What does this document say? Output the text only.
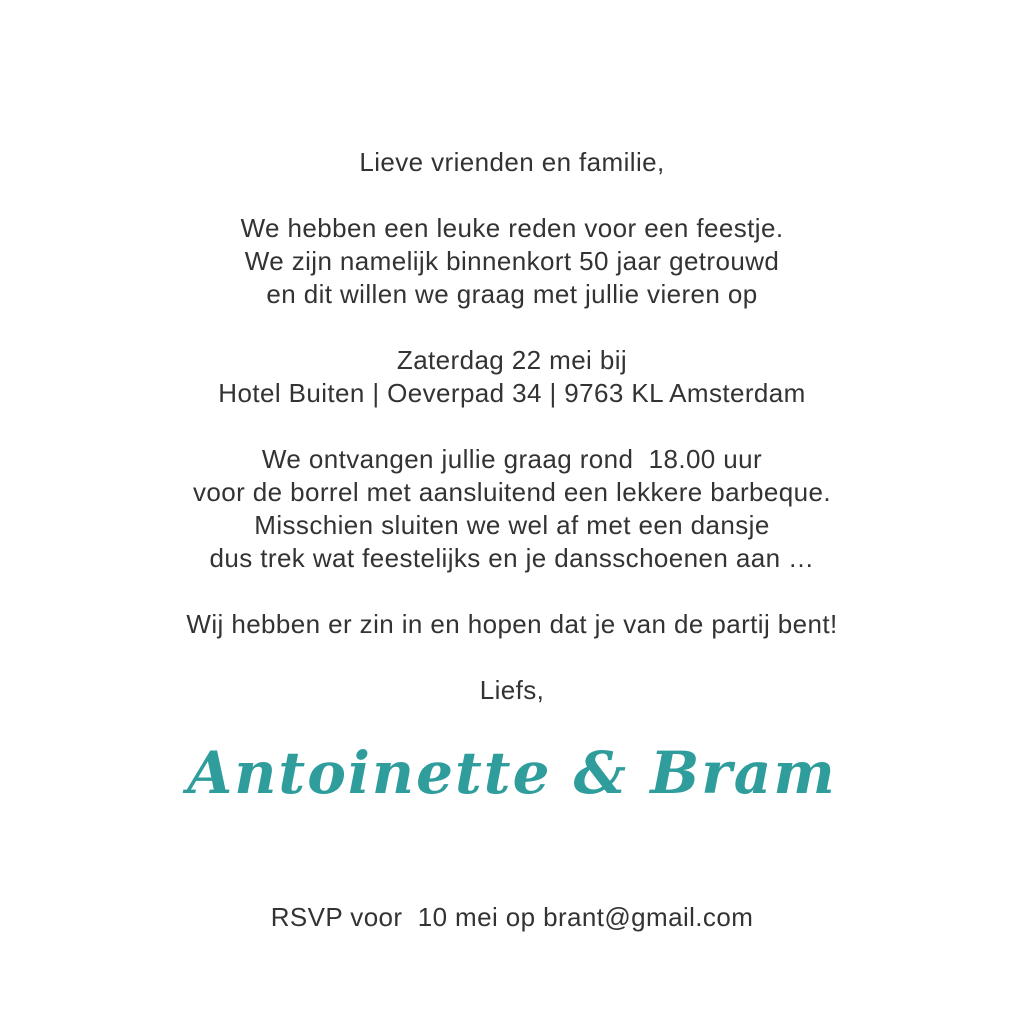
Lieve vrienden en familie,
We hebben een leuke reden voor een feestje.
We zijn namelijk binnenkort 50 jaar getrouwd
en dit willen we graag met jullie vieren op
Zaterdag 22 mei bij
Hotel Buiten | Oeverpad 34 | 9763 KL Amsterdam
We ontvangen jullie graag rond  18.00 uur
voor de borrel met aansluitend een lekkere barbeque.
Misschien sluiten we wel af met een dansje
dus trek wat feestelijks en je dansschoenen aan …
Wij hebben er zin in en hopen dat je van de partij bent!
Liefs,
Antoinette & Bram
RSVP voor  10 mei op brant@gmail.com
